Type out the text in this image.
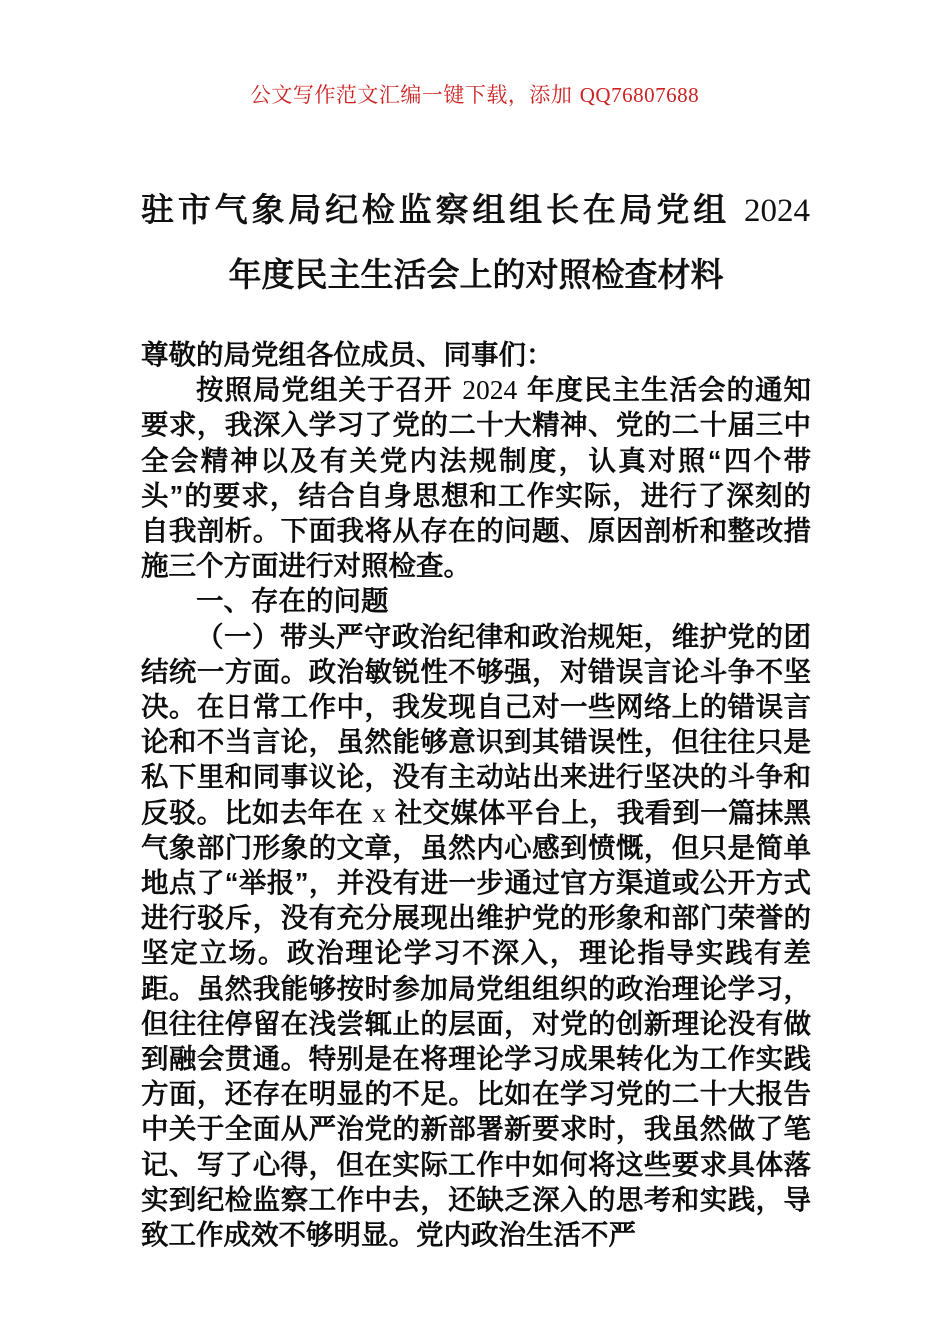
公文写作范文汇编一键下载，添加 QQ76807688
驻市气象局纪检监察组组长在局党组 2024
年度民主生活会上的对照检查材料

尊敬的局党组各位成员、同事们：

按照局党组关于召开 2024 年度民主生活会的通知要求，我深入学习了党的二十大精神、党的二十届三中全会精神以及有关党内法规制度，认真对照“四个带头”的要求，结合自身思想和工作实际，进行了深刻的自我剖析。下面我将从存在的问题、原因剖析和整改措施三个方面进行对照检查。

一、存在的问题

（一）带头严守政治纪律和政治规矩，维护党的团结统一方面。政治敏锐性不够强，对错误言论斗争不坚决。在日常工作中，我发现自己对一些网络上的错误言论和不当言论，虽然能够意识到其错误性，但往往只是私下里和同事议论，没有主动站出来进行坚决的斗争和反驳。比如去年在 x 社交媒体平台上，我看到一篇抹黑气象部门形象的文章，虽然内心感到愤慨，但只是简单地点了“举报”，并没有进一步通过官方渠道或公开方式进行驳斥，没有充分展现出维护党的形象和部门荣誉的坚定立场。政治理论学习不深入，理论指导实践有差距。虽然我能够按时参加局党组组织的政治理论学习，但往往停留在浅尝辄止的层面，对党的创新理论没有做到融会贯通。特别是在将理论学习成果转化为工作实践方面，还存在明显的不足。比如在学习党的二十大报告中关于全面从严治党的新部署新要求时，我虽然做了笔记、写了心得，但在实际工作中如何将这些要求具体落实到纪检监察工作中去，还缺乏深入的思考和实践，导致工作成效不够明显。党内政治生活不严
